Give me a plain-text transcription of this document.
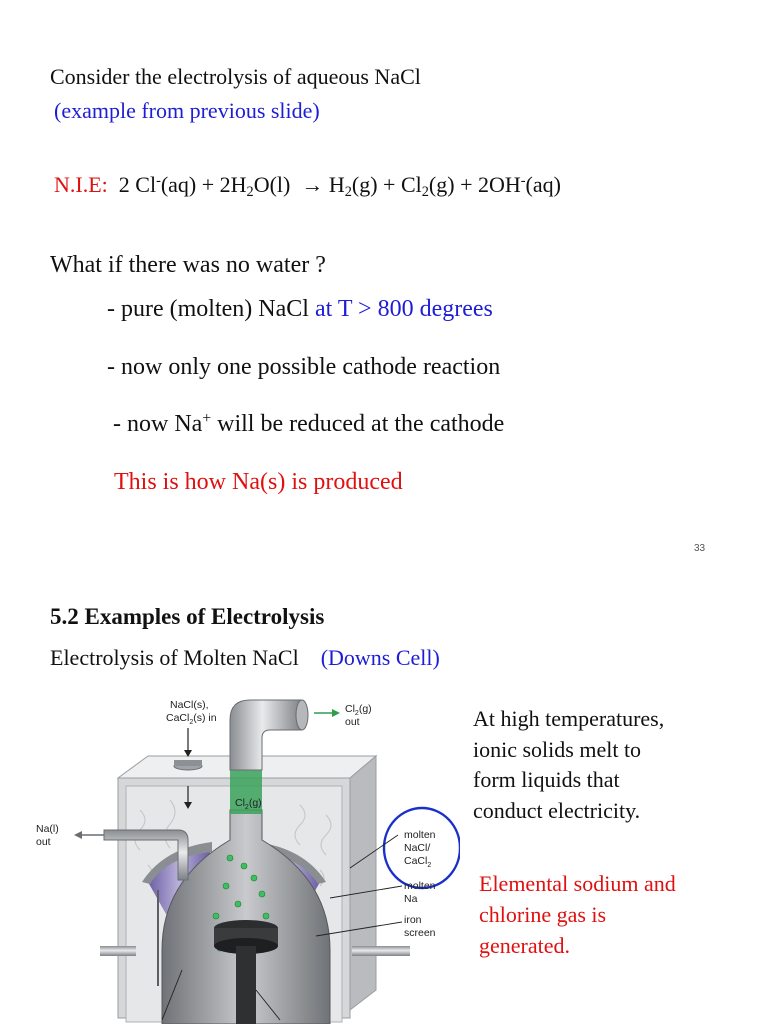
Consider the electrolysis of aqueous NaCl
(example from previous slide)
N.I.E: 2 $Cl^-(aq) + 2H_2O(l) \to H_2(g) + Cl_2(g) + 2OH^-(aq)$
What if there was no water ?
- pure (molten) NaCl at T > 800 degrees
- now only one possible cathode reaction
- now Na+ will be reduced at the cathode
This is how Na(s) is produced
33
5.2 Examples of Electrolysis
Electrolysis of Molten NaCl (Downs Cell)
At high temperatures,
ionic solids melt to
form liquids that
conduct electricity.
Elemental sodium and
chlorine gas is
generated.
NaCl(s),
CaCl$_2$(s) in
$Cl_2(g)$
out
Na(l)
out
$Cl_2(g)$
molten
NaCl/
CaCl$_2$
molten
Na
iron
screen
